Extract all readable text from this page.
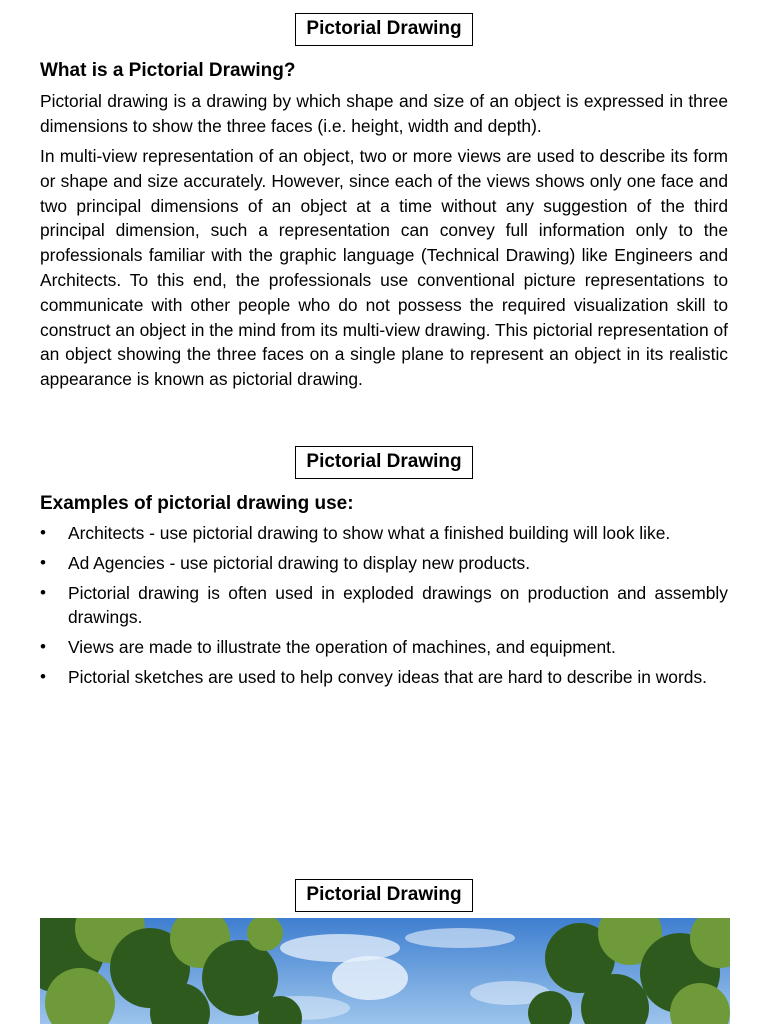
Pictorial Drawing

What is a Pictorial Drawing?

Pictorial drawing is a drawing by which shape and size of an object is expressed in three dimensions to show the three faces (i.e. height, width and depth).

In multi-view representation of an object, two or more views are used to describe its form or shape and size accurately. However, since each of the views shows only one face and two principal dimensions of an object at a time without any suggestion of the third principal dimension, such a representation can convey full information only to the professionals familiar with the graphic language (Technical Drawing) like Engineers and Architects. To this end, the professionals use conventional picture representations to communicate with other people who do not possess the required visualization skill to construct an object in the mind from its multi-view drawing. This pictorial representation of an object showing the three faces on a single plane to represent an object in its realistic appearance is known as pictorial drawing.

Pictorial Drawing

Examples of pictorial drawing use:

• Architects - use pictorial drawing to show what a finished building will look like.
• Ad Agencies - use pictorial drawing to display new products.
• Pictorial drawing is often used in exploded drawings on production and assembly drawings.
• Views are made to illustrate the operation of machines, and equipment.
• Pictorial sketches are used to help convey ideas that are hard to describe in words.
Pictorial Drawing
